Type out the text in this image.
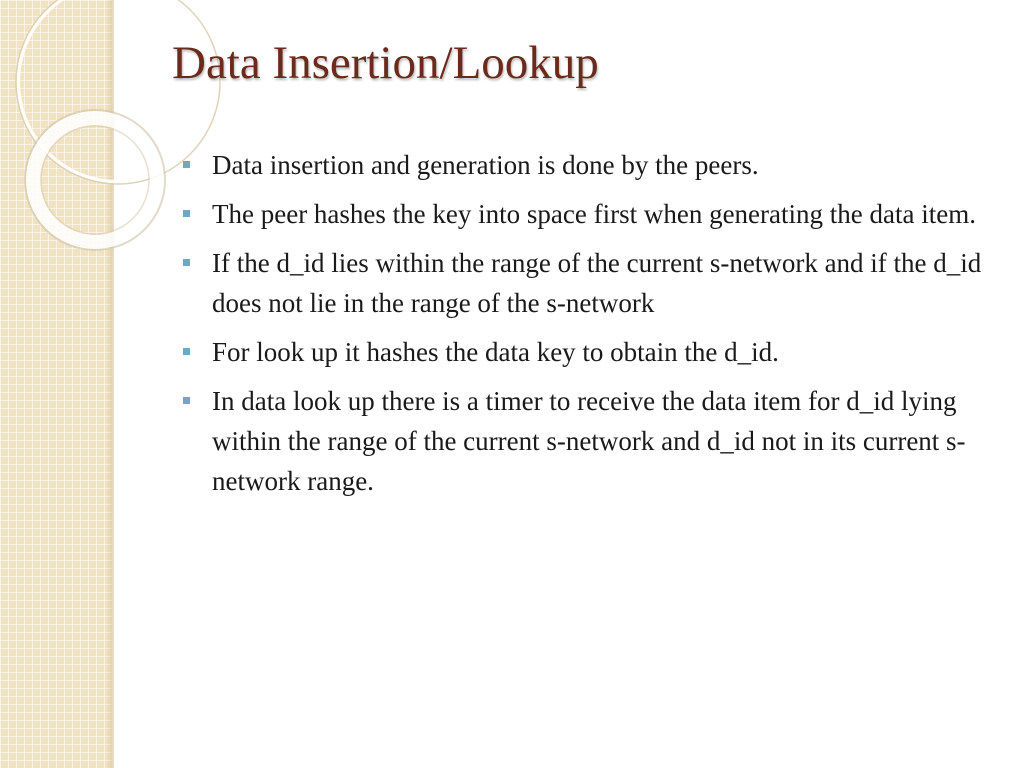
Data Insertion/Lookup
Data insertion and generation is done by the peers.
The peer hashes the key into space first when generating the data item.
If the d_id lies within the range of the current s-network and if the d_id does not lie in the range of the s-network
For look up it hashes the data key to obtain the d_id.
In data look up there is a timer to receive the data item for d_id lying within the range of the current s-network and d_id not in its current s-network range.
